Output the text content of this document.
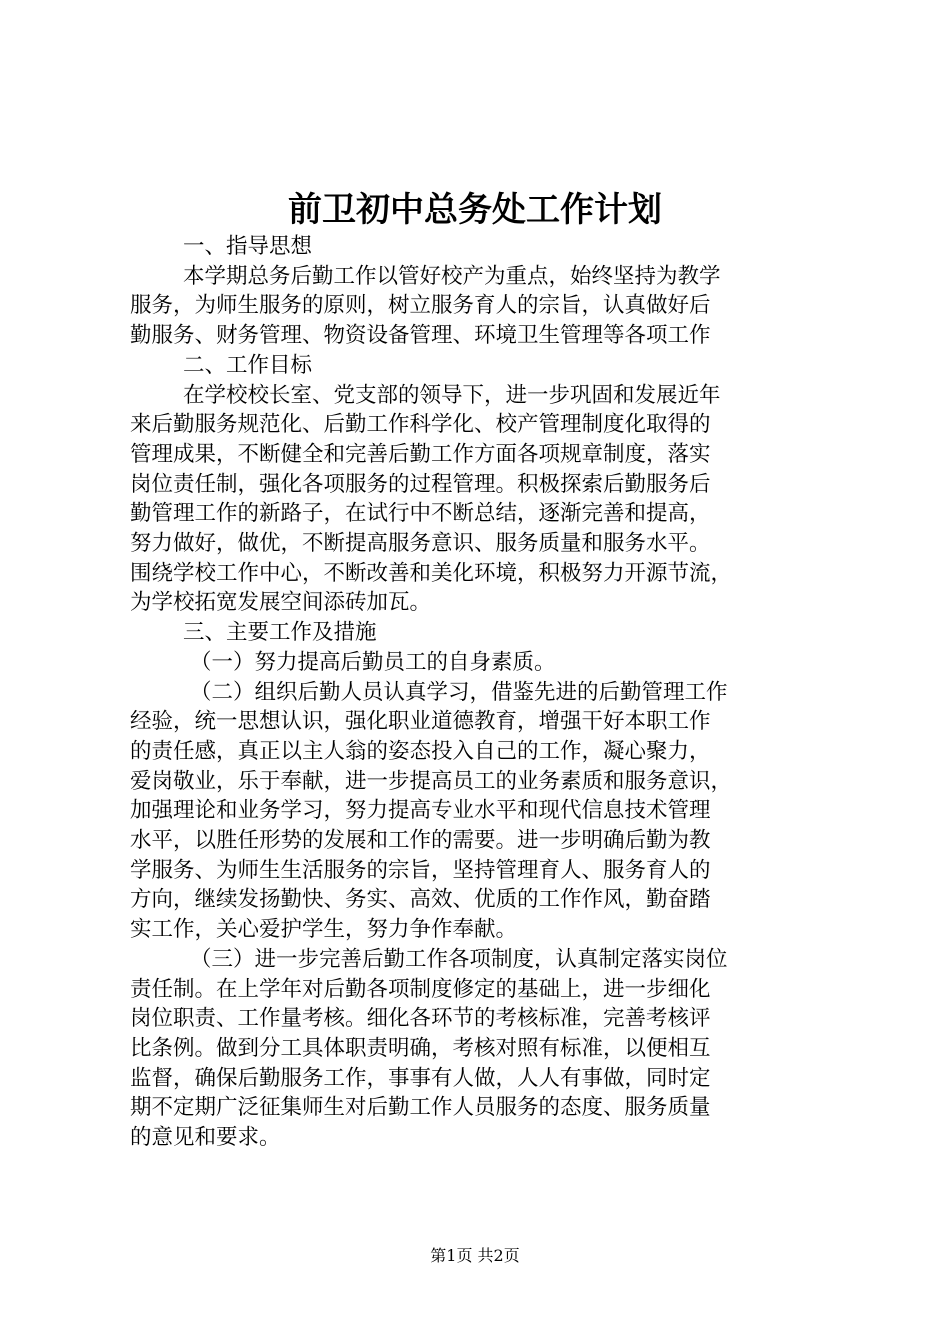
前卫初中总务处工作计划

一、指导思想

本学期总务后勤工作以管好校产为重点，始终坚持为教学

服务，为师生服务的原则，树立服务育人的宗旨，认真做好后

勤服务、财务管理、物资设备管理、环境卫生管理等各项工作

二、工作目标

在学校校长室、党支部的领导下，进一步巩固和发展近年

来后勤服务规范化、后勤工作科学化、校产管理制度化取得的

管理成果，不断健全和完善后勤工作方面各项规章制度，落实

岗位责任制，强化各项服务的过程管理。积极探索后勤服务后

勤管理工作的新路子，在试行中不断总结，逐渐完善和提高，

努力做好，做优，不断提高服务意识、服务质量和服务水平。

围绕学校工作中心，不断改善和美化环境，积极努力开源节流，

为学校拓宽发展空间添砖加瓦。

三、主要工作及措施

（一）努力提高后勤员工的自身素质。

（二）组织后勤人员认真学习，借鉴先进的后勤管理工作

经验，统一思想认识，强化职业道德教育，增强干好本职工作

的责任感，真正以主人翁的姿态投入自己的工作，凝心聚力，

爱岗敬业，乐于奉献，进一步提高员工的业务素质和服务意识，

加强理论和业务学习，努力提高专业水平和现代信息技术管理

水平，以胜任形势的发展和工作的需要。进一步明确后勤为教

学服务、为师生生活服务的宗旨，坚持管理育人、服务育人的

方向，继续发扬勤快、务实、高效、优质的工作作风，勤奋踏

实工作，关心爱护学生，努力争作奉献。

（三）进一步完善后勤工作各项制度，认真制定落实岗位

责任制。在上学年对后勤各项制度修定的基础上，进一步细化

岗位职责、工作量考核。细化各环节的考核标准，完善考核评

比条例。做到分工具体职责明确，考核对照有标准，以便相互

监督，确保后勤服务工作，事事有人做，人人有事做，同时定

期不定期广泛征集师生对后勤工作人员服务的态度、服务质量

的意见和要求。

第1页 共2页
